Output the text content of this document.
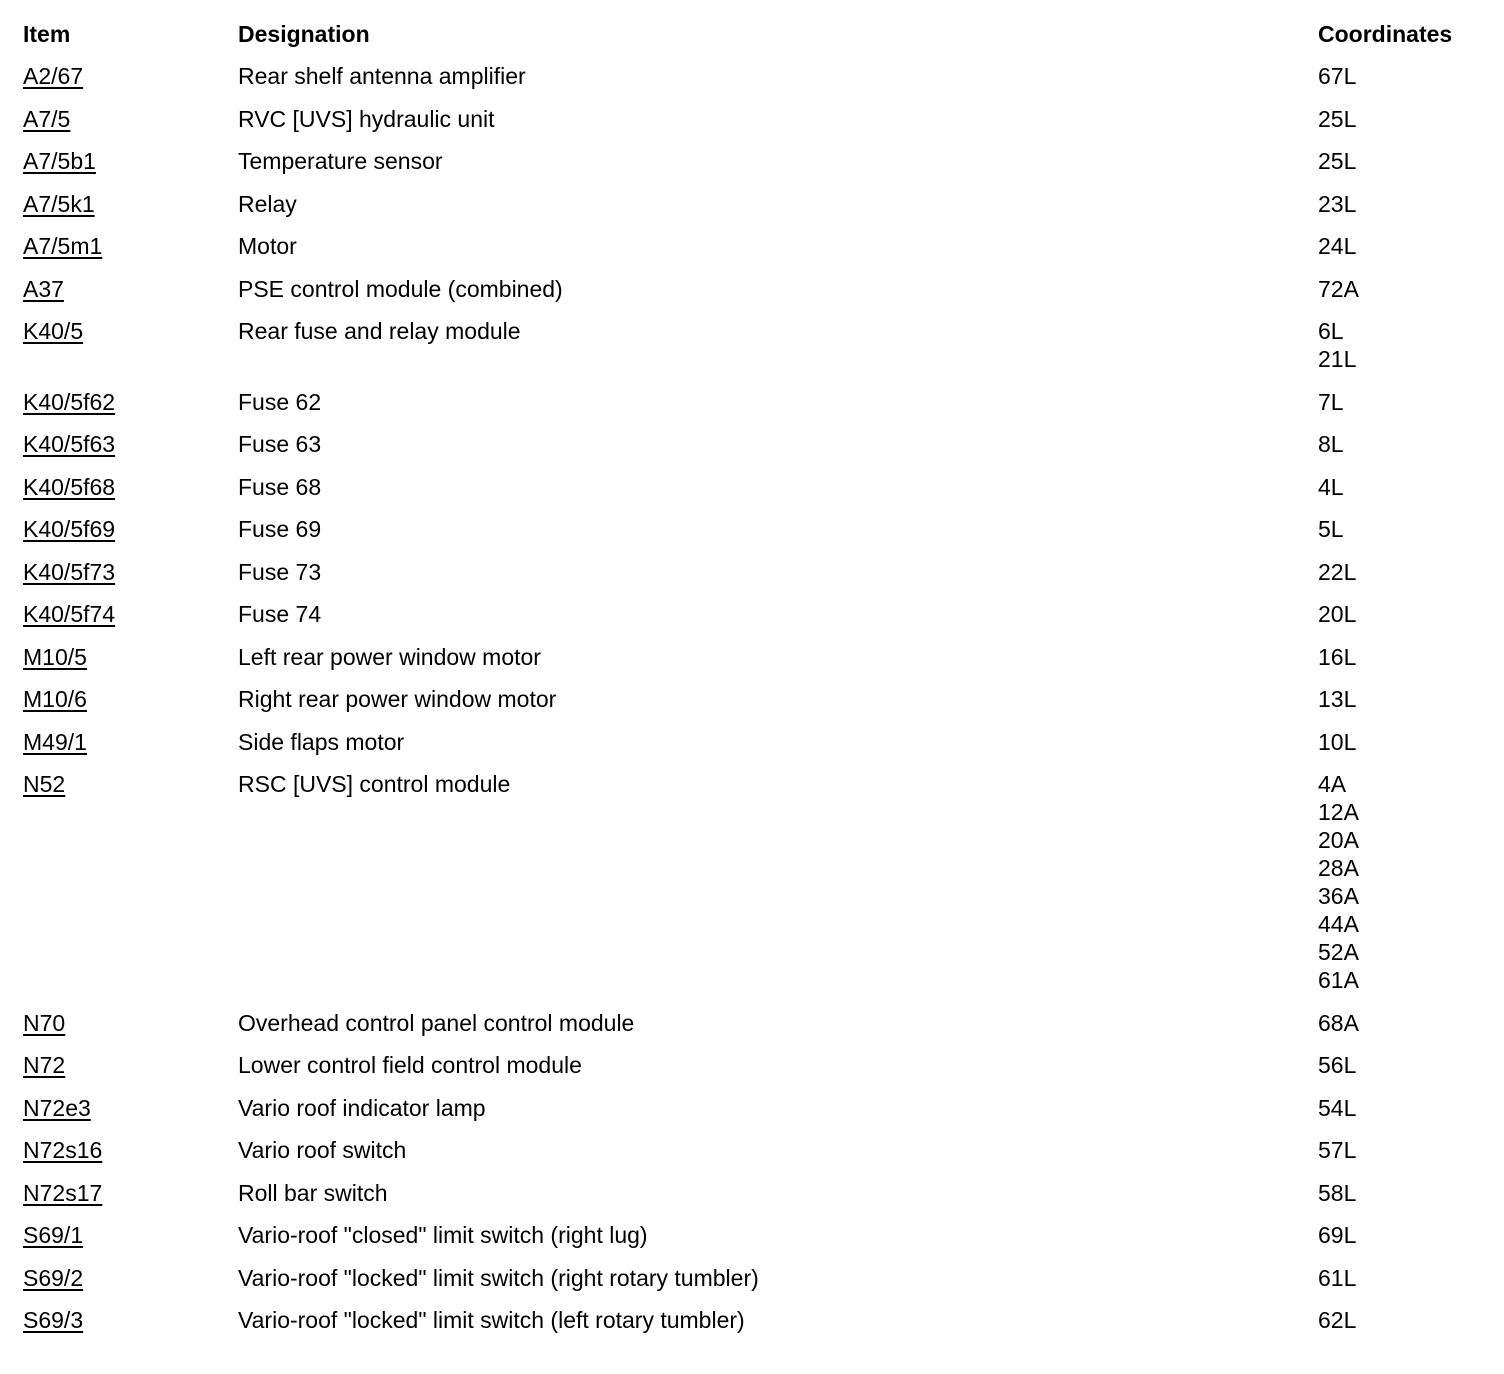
Item	Designation	Coordinates
A2/67	Rear shelf antenna amplifier	67L
A7/5	RVC [UVS] hydraulic unit	25L
A7/5b1	Temperature sensor	25L
A7/5k1	Relay	23L
A7/5m1	Motor	24L
A37	PSE control module (combined)	72A
K40/5	Rear fuse and relay module	6L
21L
K40/5f62	Fuse 62	7L
K40/5f63	Fuse 63	8L
K40/5f68	Fuse 68	4L
K40/5f69	Fuse 69	5L
K40/5f73	Fuse 73	22L
K40/5f74	Fuse 74	20L
M10/5	Left rear power window motor	16L
M10/6	Right rear power window motor	13L
M49/1	Side flaps motor	10L
N52	RSC [UVS] control module	4A
12A
20A
28A
36A
44A
52A
61A
N70	Overhead control panel control module	68A
N72	Lower control field control module	56L
N72e3	Vario roof indicator lamp	54L
N72s16	Vario roof switch	57L
N72s17	Roll bar switch	58L
S69/1	Vario-roof "closed" limit switch (right lug)	69L
S69/2	Vario-roof "locked" limit switch (right rotary tumbler)	61L
S69/3	Vario-roof "locked" limit switch (left rotary tumbler)	62L
